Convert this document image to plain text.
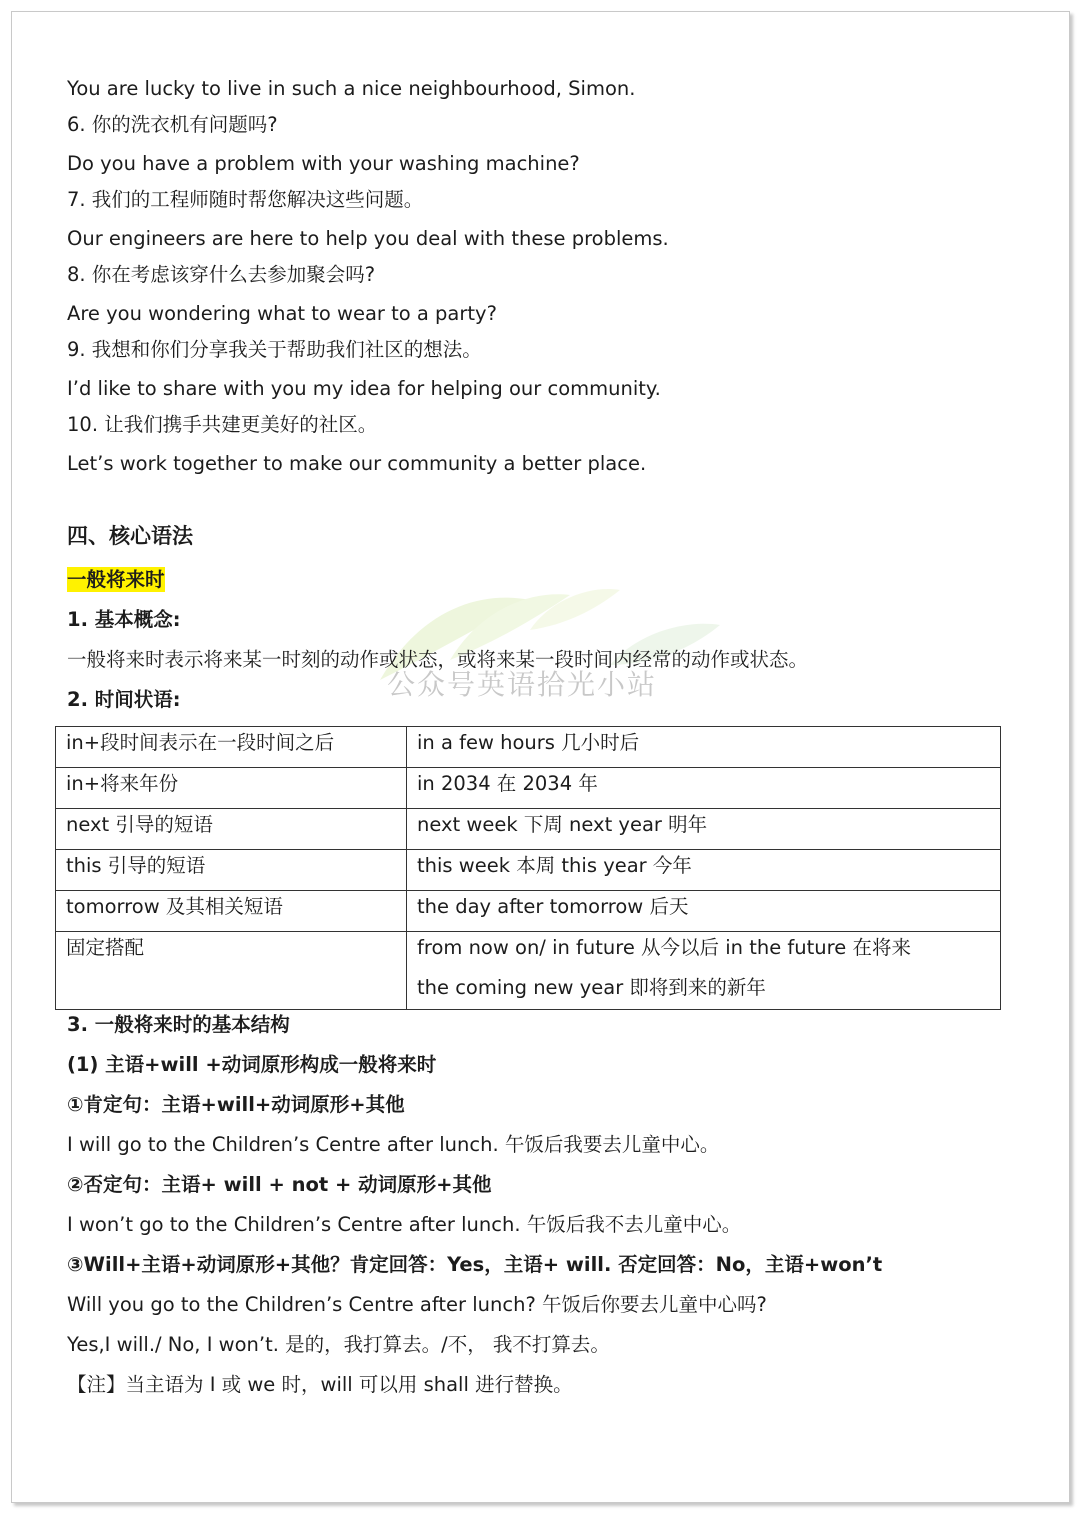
公众号英语拾光小站
You are lucky to live in such a nice neighbourhood, Simon.
6. 你的洗衣机有问题吗?
Do you have a problem with your washing machine?
7. 我们的工程师随时帮您解决这些问题。
Our engineers are here to help you deal with these problems.
8. 你在考虑该穿什么去参加聚会吗?
Are you wondering what to wear to a party?
9. 我想和你们分享我关于帮助我们社区的想法。
I’d like to share with you my idea for helping our community.
10. 让我们携手共建更美好的社区。
Let’s work together to make our community a better place.
四、核心语法
一般将来时
1. 基本概念:
一般将来时表示将来某一时刻的动作或状态，或将来某一段时间内经常的动作或状态。
2. 时间状语:
in+段时间表示在一段时间之后	in a few hours 几小时后
in+将来年份	in 2034 在 2034 年
next 引导的短语	next week 下周 next year 明年
this 引导的短语	this week 本周 this year 今年
tomorrow 及其相关短语	the day after tomorrow 后天
固定搭配	from now on/ in future 从今以后 in the future 在将来
the coming new year 即将到来的新年
3. 一般将来时的基本结构
(1) 主语+will +动词原形构成一般将来时
①肯定句：主语+will+动词原形+其他
I will go to the Children’s Centre after lunch. 午饭后我要去儿童中心。
②否定句：主语+ will + not + 动词原形+其他
I won’t go to the Children’s Centre after lunch. 午饭后我不去儿童中心。
③Will+主语+动词原形+其他？肯定回答：Yes，主语+ will. 否定回答：No，主语+won’t
Will you go to the Children’s Centre after lunch? 午饭后你要去儿童中心吗?
Yes,I will./ No, I won’t. 是的，我打算去。/不， 我不打算去。
【注】当主语为 I 或 we 时，will 可以用 shall 进行替换。
